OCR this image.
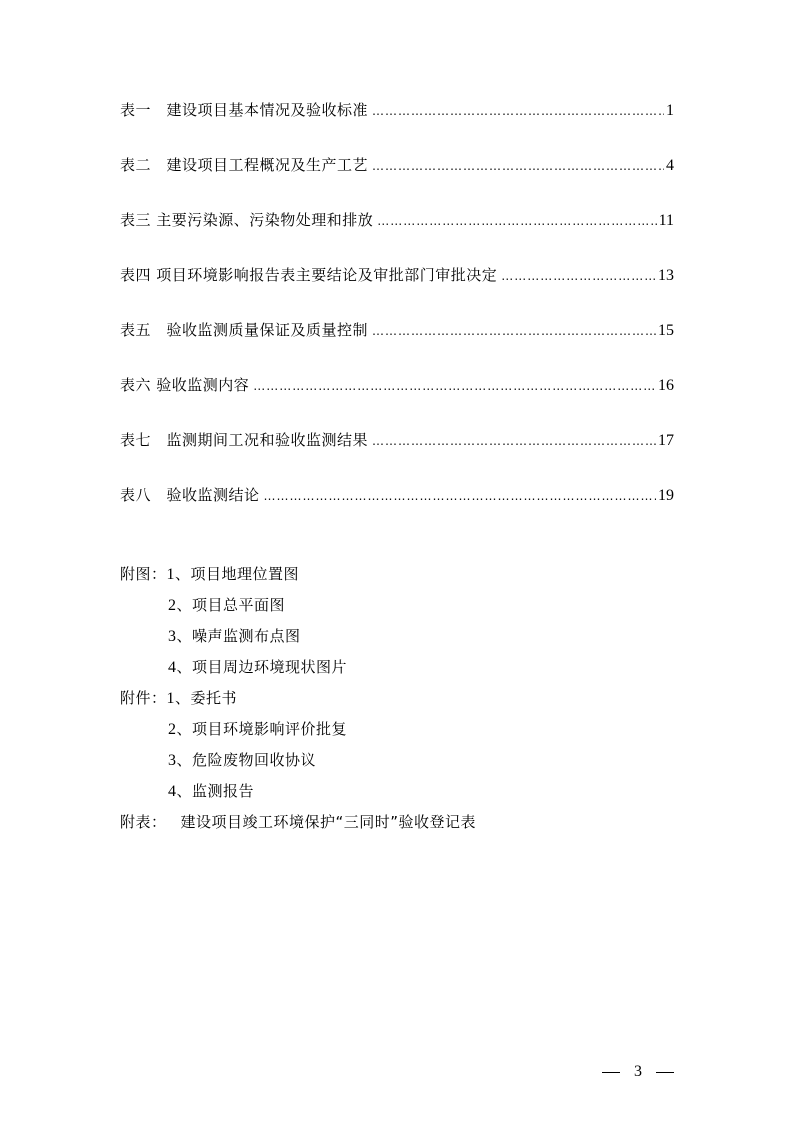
表一　建设项目基本情况及验收标准 ……………………………………………………………………………………………………………………………………	1
表二　建设项目工程概况及生产工艺 ……………………………………………………………………………………………………………………………………	4
表三 主要污染源、污染物处理和排放 ……………………………………………………………………………………………………………………………………	11
表四 项目环境影响报告表主要结论及审批部门审批决定 ……………………………………………………………………………………………………………………………………	13
表五　验收监测质量保证及质量控制 ……………………………………………………………………………………………………………………………………	15
表六 验收监测内容 ……………………………………………………………………………………………………………………………………	16
表七　监测期间工况和验收监测结果 ……………………………………………………………………………………………………………………………………	17
表八　验收监测结论 ……………………………………………………………………………………………………………………………………	19
附图：1、项目地理位置图
2、项目总平面图
3、噪声监测布点图
4、项目周边环境现状图片
附件：1、委托书
2、项目环境影响评价批复
3、危险废物回收协议
4、监测报告
附表： 建设项目竣工环境保护“三同时”验收登记表
3
